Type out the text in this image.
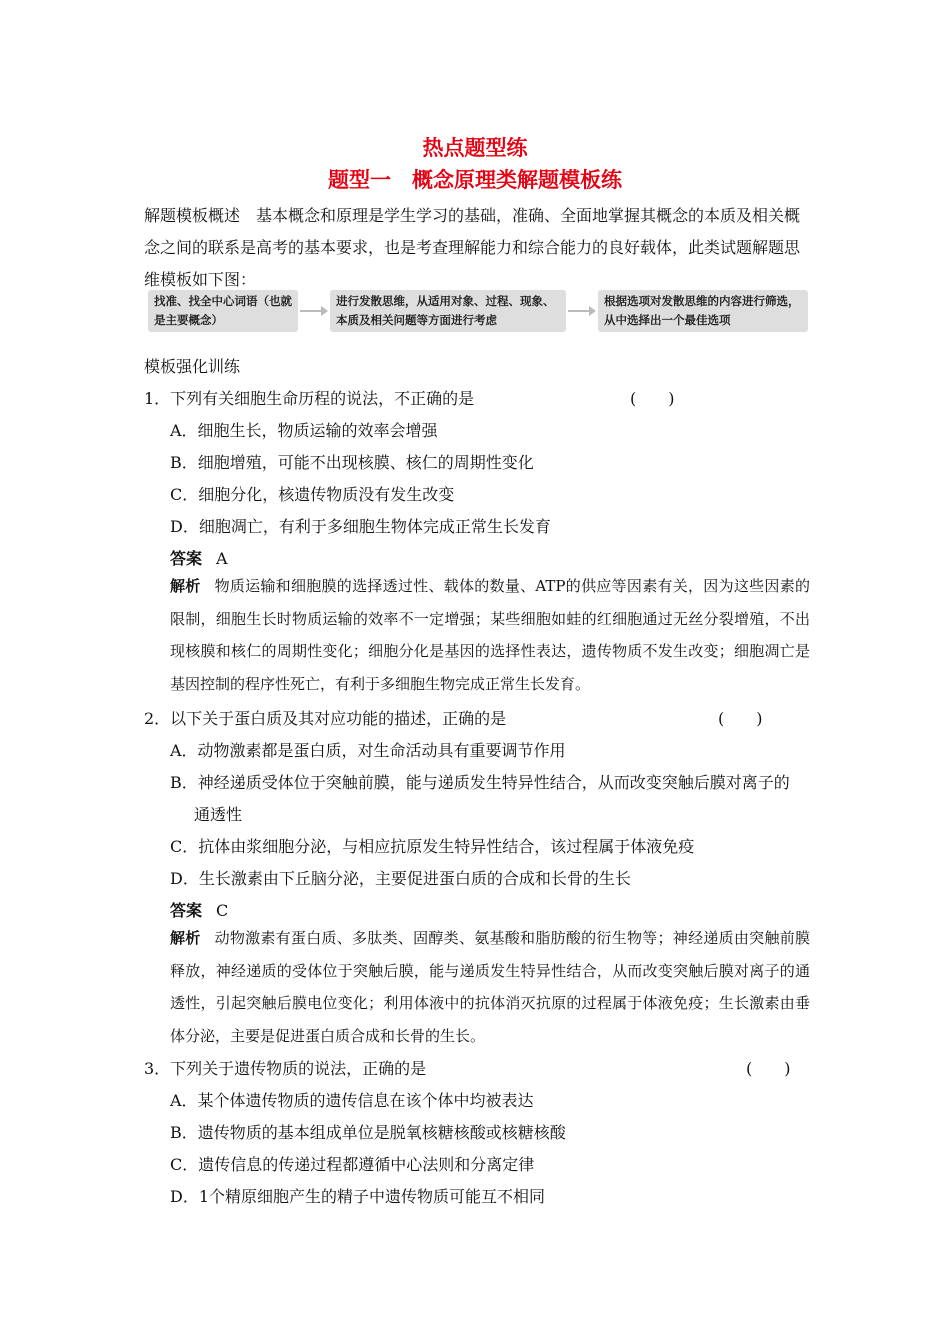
热点题型练
题型一　概念原理类解题模板练
解题模板概述　基本概念和原理是学生学习的基础，准确、全面地掌握其概念的本质及相关概念之间的联系是高考的基本要求，也是考查理解能力和综合能力的良好载体，此类试题解题思维模板如下图：
找准、找全中心词语（也就是主要概念）
进行发散思维，从适用对象、过程、现象、本质及相关问题等方面进行考虑
根据选项对发散思维的内容进行筛选，从中选择出一个最佳选项
模板强化训练
1．下列有关细胞生命历程的说法，不正确的是	(　　)
A．细胞生长，物质运输的效率会增强
B．细胞增殖，可能不出现核膜、核仁的周期性变化
C．细胞分化，核遗传物质没有发生改变
D．细胞凋亡，有利于多细胞生物体完成正常生长发育
答案 A
解析 物质运输和细胞膜的选择透过性、载体的数量、ATP的供应等因素有关，因为这些因素的限制，细胞生长时物质运输的效率不一定增强；某些细胞如蛙的红细胞通过无丝分裂增殖，不出现核膜和核仁的周期性变化；细胞分化是基因的选择性表达，遗传物质不发生改变；细胞凋亡是基因控制的程序性死亡，有利于多细胞生物完成正常生长发育。
2．以下关于蛋白质及其对应功能的描述，正确的是	(　　)
A．动物激素都是蛋白质，对生命活动具有重要调节作用
B．神经递质受体位于突触前膜，能与递质发生特异性结合，从而改变突触后膜对离子的
通透性
C．抗体由浆细胞分泌，与相应抗原发生特异性结合，该过程属于体液免疫
D．生长激素由下丘脑分泌，主要促进蛋白质的合成和长骨的生长
答案 C
解析 动物激素有蛋白质、多肽类、固醇类、氨基酸和脂肪酸的衍生物等；神经递质由突触前膜释放，神经递质的受体位于突触后膜，能与递质发生特异性结合，从而改变突触后膜对离子的通透性，引起突触后膜电位变化；利用体液中的抗体消灭抗原的过程属于体液免疫；生长激素由垂体分泌，主要是促进蛋白质合成和长骨的生长。
3．下列关于遗传物质的说法，正确的是	(　　)
A．某个体遗传物质的遗传信息在该个体中均被表达
B．遗传物质的基本组成单位是脱氧核糖核酸或核糖核酸
C．遗传信息的传递过程都遵循中心法则和分离定律
D．1个精原细胞产生的精子中遗传物质可能互不相同
